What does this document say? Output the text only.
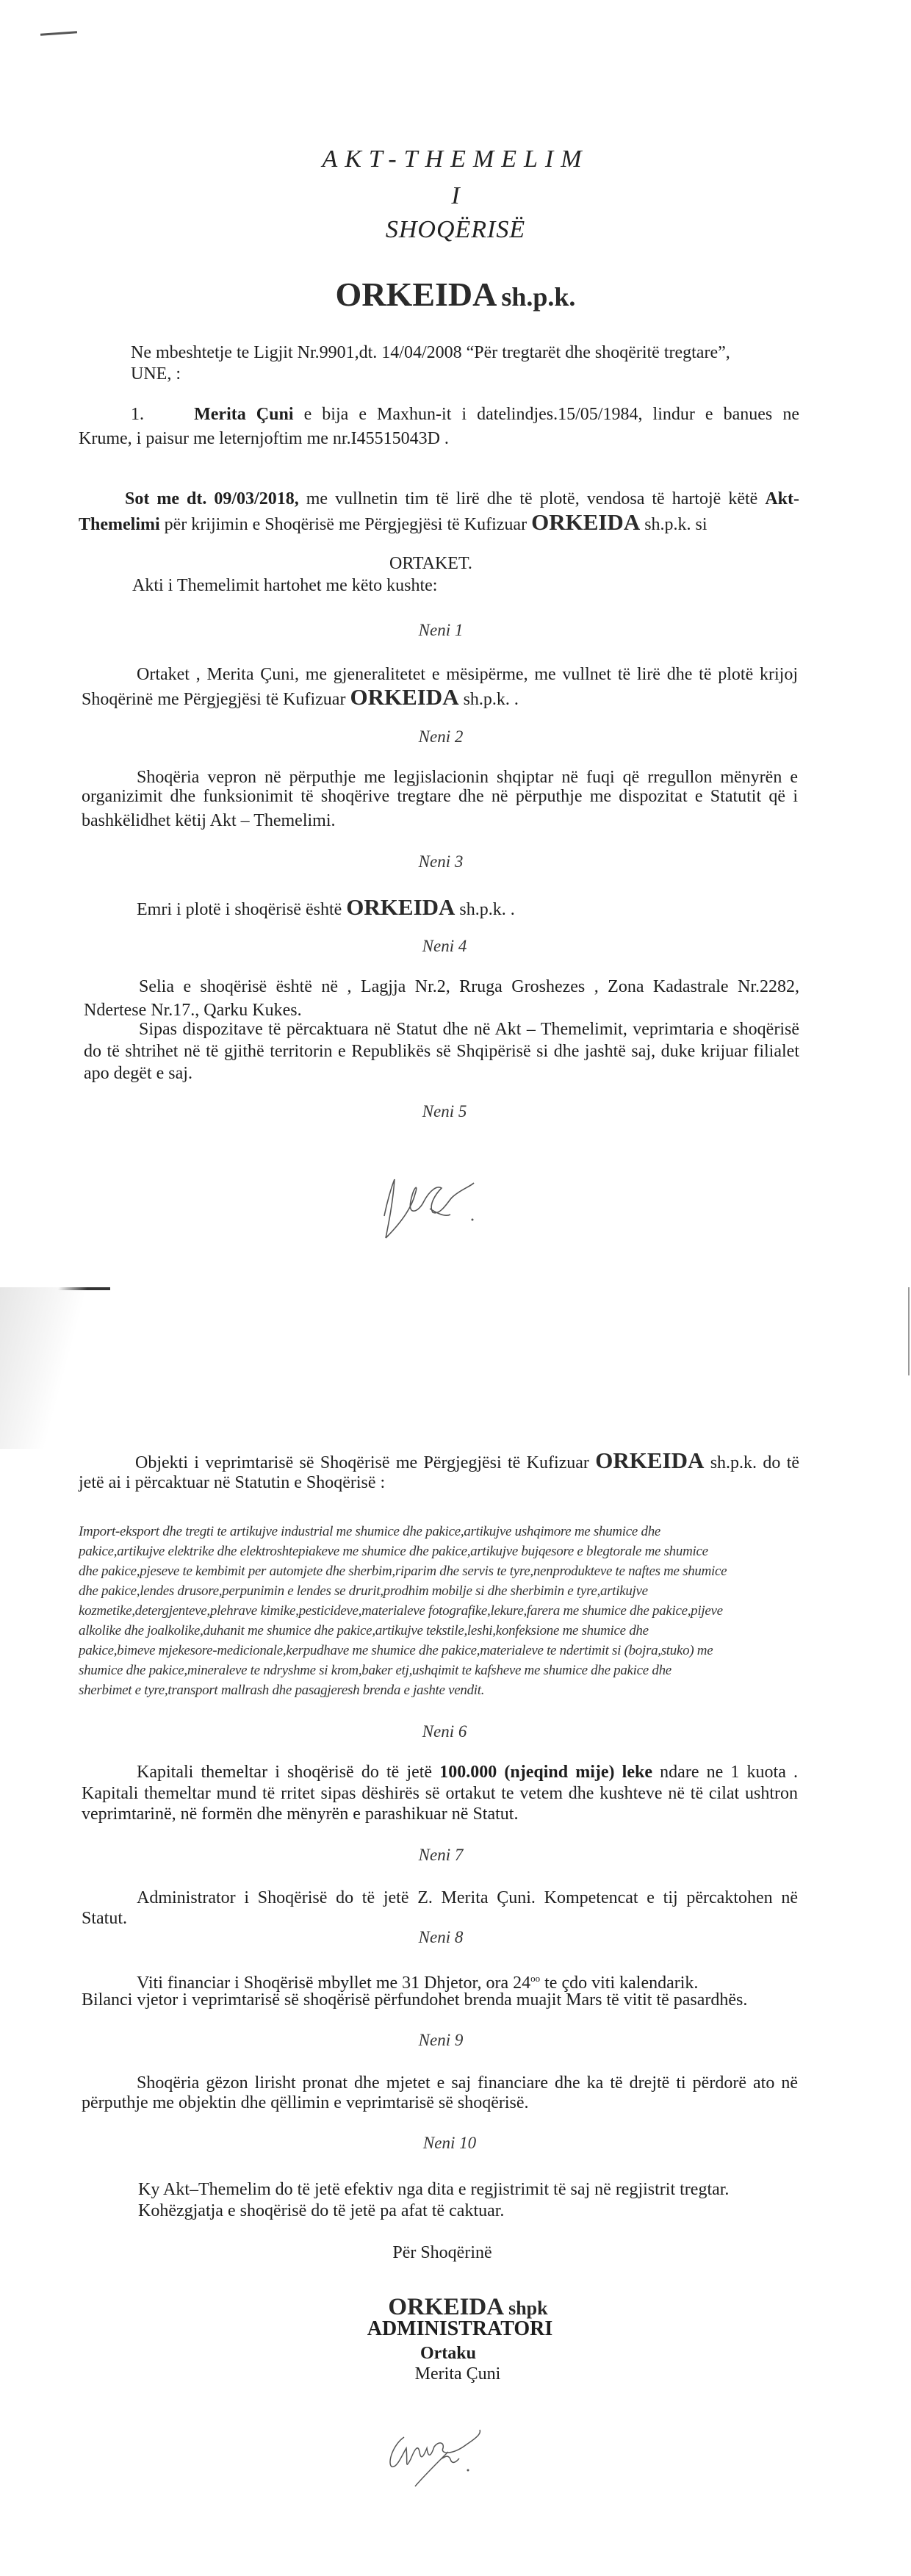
AKT-THEMELIM
I
SHOQËRISË
ORKEIDA sh.p.k.
Ne mbeshtetje te Ligjit Nr.9901,dt. 14/04/2008 “Për tregtarët dhe shoqëritë tregtare”,
UNE, :
1.	Merita Çuni e bija e Maxhun-it i datelindjes.15/05/1984, lindur e banues ne
Krume, i paisur me leternjoftim me nr.I45515043D .
Sot me dt. 09/03/2018, me vullnetin tim të lirë dhe të plotë, vendosa të hartojë këtë Akt-
Themelimi për krijimin e Shoqërisë me Përgjegjësi të Kufizuar ORKEIDA sh.p.k. si
ORTAKET.
Akti i Themelimit hartohet me këto kushte:
Neni 1
Ortaket , Merita Çuni, me gjeneralitetet e mësipërme, me vullnet të lirë dhe të plotë krijoj
Shoqërinë me Përgjegjësi të Kufizuar ORKEIDA sh.p.k. .
Neni 2
Shoqëria vepron në përputhje me legjislacionin shqiptar në fuqi që rregullon mënyrën e
organizimit dhe funksionimit të shoqërive tregtare dhe në përputhje me dispozitat e Statutit që i
bashkëlidhet këtij Akt – Themelimi.
Neni 3
Emri i plotë i shoqërisë është ORKEIDA sh.p.k. .
Neni 4
Selia e shoqërisë është në , Lagjja Nr.2, Rruga Groshezes , Zona Kadastrale Nr.2282,
Ndertese Nr.17., Qarku Kukes.
Sipas dispozitave të përcaktuara në Statut dhe në Akt – Themelimit, veprimtaria e shoqërisë
do të shtrihet në të gjithë territorin e Republikës së Shqipërisë si dhe jashtë saj, duke krijuar filialet
apo degët e saj.
Neni 5
Objekti i veprimtarisë së Shoqërisë me Përgjegjësi të Kufizuar ORKEIDA sh.p.k. do të
jetë ai i përcaktuar në Statutin e Shoqërisë :
Import-eksport dhe tregti te artikujve industrial me shumice dhe pakice,artikujve ushqimore me shumice dhe
pakice,artikujve elektrike dhe elektroshtepiakeve me shumice dhe pakice,artikujve bujqesore e blegtorale me shumice
dhe pakice,pjeseve te kembimit per automjete dhe sherbim,riparim dhe servis te tyre,nenprodukteve te naftes me shumice
dhe pakice,lendes drusore,perpunimin e lendes se drurit,prodhim mobilje si dhe sherbimin e tyre,artikujve
kozmetike,detergjenteve,plehrave kimike,pesticideve,materialeve fotografike,lekure,farera me shumice dhe pakice,pijeve
alkolike dhe joalkolike,duhanit me shumice dhe pakice,artikujve tekstile,leshi,konfeksione me shumice dhe
pakice,bimeve mjekesore-medicionale,kerpudhave me shumice dhe pakice,materialeve te ndertimit si (bojra,stuko) me
shumice dhe pakice,mineraleve te ndryshme si krom,baker etj,ushqimit te kafsheve me shumice dhe pakice dhe
sherbimet e tyre,transport mallrash dhe pasagjeresh brenda e jashte vendit.
Neni 6
Kapitali themeltar i shoqërisë do të jetë 100.000 (njeqind mije) leke ndare ne 1 kuota .
Kapitali themeltar mund të rritet sipas dëshirës së ortakut te vetem dhe kushteve në të cilat ushtron
veprimtarinë, në formën dhe mënyrën e parashikuar në Statut.
Neni 7
Administrator i Shoqërisë do të jetë Z. Merita Çuni. Kompetencat e tij përcaktohen në
Statut.
Neni 8
Viti financiar i Shoqërisë mbyllet me 31 Dhjetor, ora $24^{oo}$ te çdo viti kalendarik.
Bilanci vjetor i veprimtarisë së shoqërisë përfundohet brenda muajit Mars të vitit të pasardhës.
Neni 9
Shoqëria gëzon lirisht pronat dhe mjetet e saj financiare dhe ka të drejtë ti përdorë ato në
përputhje me objektin dhe qëllimin e veprimtarisë së shoqërisë.
Neni 10
Ky Akt–Themelim do të jetë efektiv nga dita e regjistrimit të saj në regjistrit tregtar.
Kohëzgjatja e shoqërisë do të jetë pa afat të caktuar.
Për Shoqërinë
ORKEIDA shpk
ADMINISTRATORI
Ortaku
Merita Çuni
